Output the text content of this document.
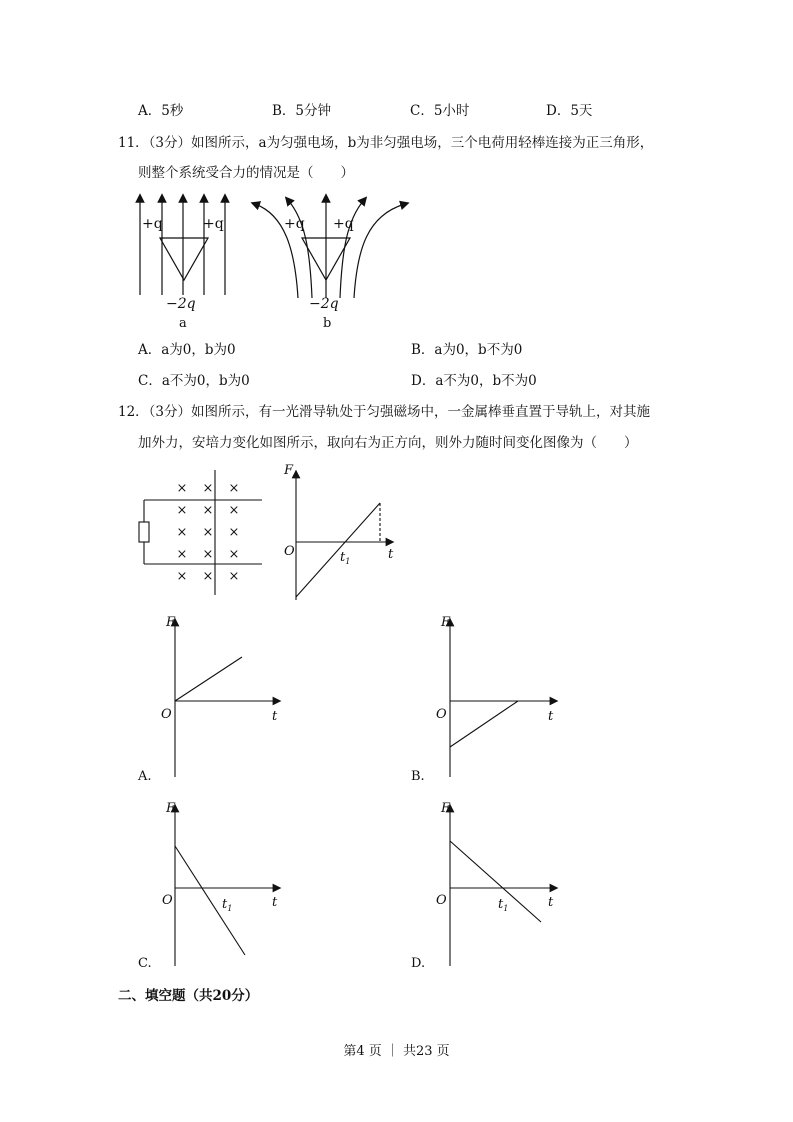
A．5秒	B．5分钟	C．5小时	D．5天
11．（3分）如图所示，a为匀强电场，b为非匀强电场，三个电荷用轻棒连接为正三角形，
则整个系统受合力的情况是（　　）
+q	+q
−2q
a
+q +q
−2q
b
A．a为0，b为0	B．a为0，b不为0
C．a不为0，b为0	D．a不为0，b不为0
12．（3分）如图所示，有一光滑导轨处于匀强磁场中，一金属棒垂直置于导轨上，对其施
加外力，安培力变化如图所示，取向右为正方向，则外力随时间变化图像为（　　）
× × ×
× × ×
× × ×
× × ×
× × ×
F
O	t
$t_1$
F
O	t
A.
F
O	t
B.
F
O	t
$t_1$
C.
F
O	t
$t_1$
D.
二、填空题（共20分）
第4 页 ｜ 共23 页
